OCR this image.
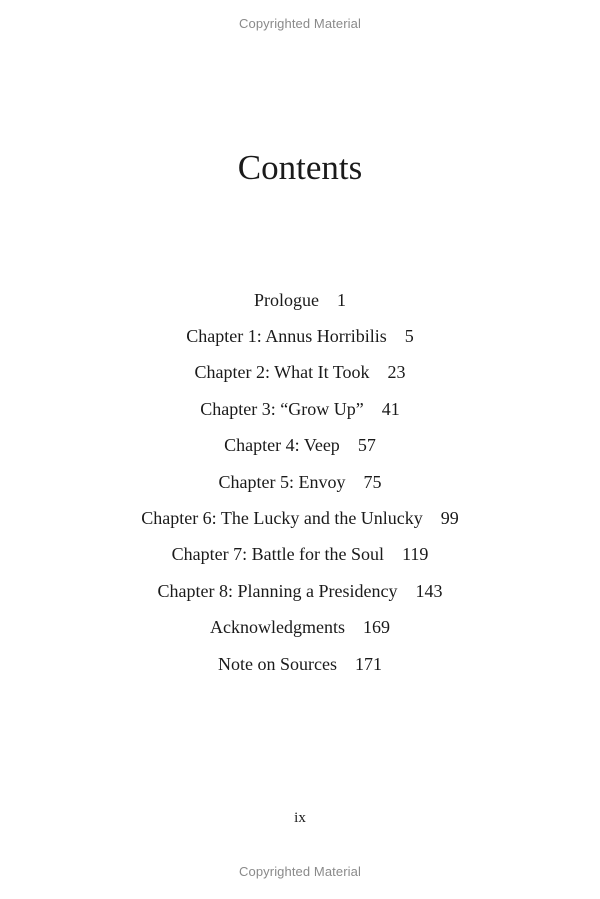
Copyrighted Material
Contents
Prologue 1
Chapter 1: Annus Horribilis 5
Chapter 2: What It Took 23
Chapter 3: “Grow Up” 41
Chapter 4: Veep 57
Chapter 5: Envoy 75
Chapter 6: The Lucky and the Unlucky 99
Chapter 7: Battle for the Soul 119
Chapter 8: Planning a Presidency 143
Acknowledgments 169
Note on Sources 171
ix
Copyrighted Material
